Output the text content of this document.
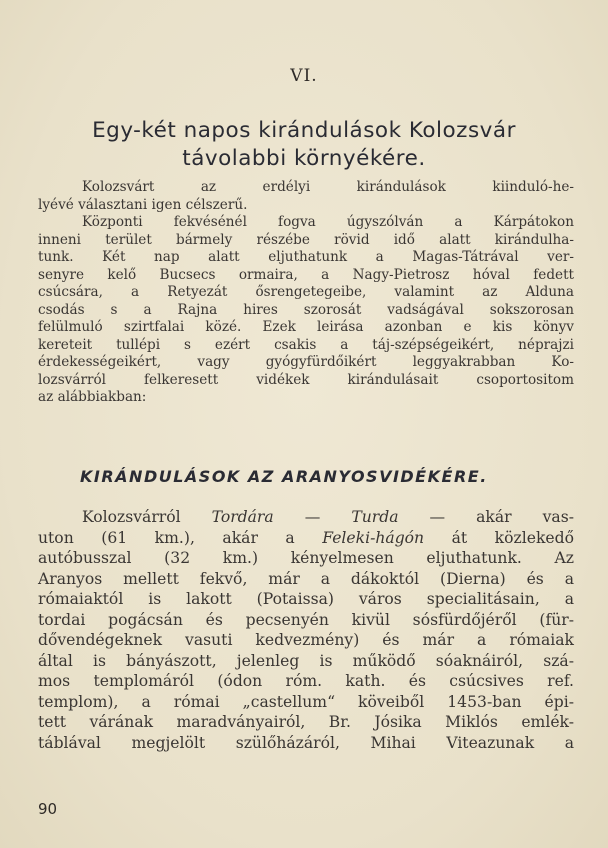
VI.
Egy-két napos kirándulások Kolozsvár
távolabbi környékére.
Kolozsvárt az erdélyi kirándulások kiinduló-he-
lyévé választani igen célszerű.
Központi fekvésénél fogva úgyszólván a Kárpátokon
inneni terület bármely részébe rövid idő alatt kirándulha-
tunk. Két nap alatt eljuthatunk a Magas-Tátrával ver-
senyre kelő Bucsecs ormaira, a Nagy-Pietrosz hóval fedett
csúcsára, a Retyezát ősrengetegeibe, valamint az Alduna
csodás s a Rajna hires szorosát vadságával sokszorosan
felülmuló szirtfalai közé. Ezek leirása azonban e kis könyv
kereteit tullépi s ezért csakis a táj-szépségeikért, néprajzi
érdekességeikért, vagy gyógyfürdőikért leggyakrabban Ko-
lozsvárról felkeresett vidékek kirándulásait csoportositom
az alábbiakban:
KIRÁNDULÁSOK AZ ARANYOSVIDÉKÉRE.
Kolozsvárról Tordára — Turda — akár vas-
uton (61 km.), akár a Feleki-hágón át közlekedő
autóbusszal (32 km.) kényelmesen eljuthatunk. Az
Aranyos mellett fekvő, már a dákoktól (Dierna) és a
rómaiaktól is lakott (Potaissa) város specialitásain, a
tordai pogácsán és pecsenyén kivül sósfürdőjéről (für-
dővendégeknek vasuti kedvezmény) és már a rómaiak
által is bányászott, jelenleg is működő sóaknáiról, szá-
mos templomáról (ódon róm. kath. és csúcsives ref.
templom), a római „castellum“ köveiből 1453-ban épi-
tett várának maradványairól, Br. Jósika Miklós emlék-
táblával megjelölt szülőházáról, Mihai Viteazunak a
90
